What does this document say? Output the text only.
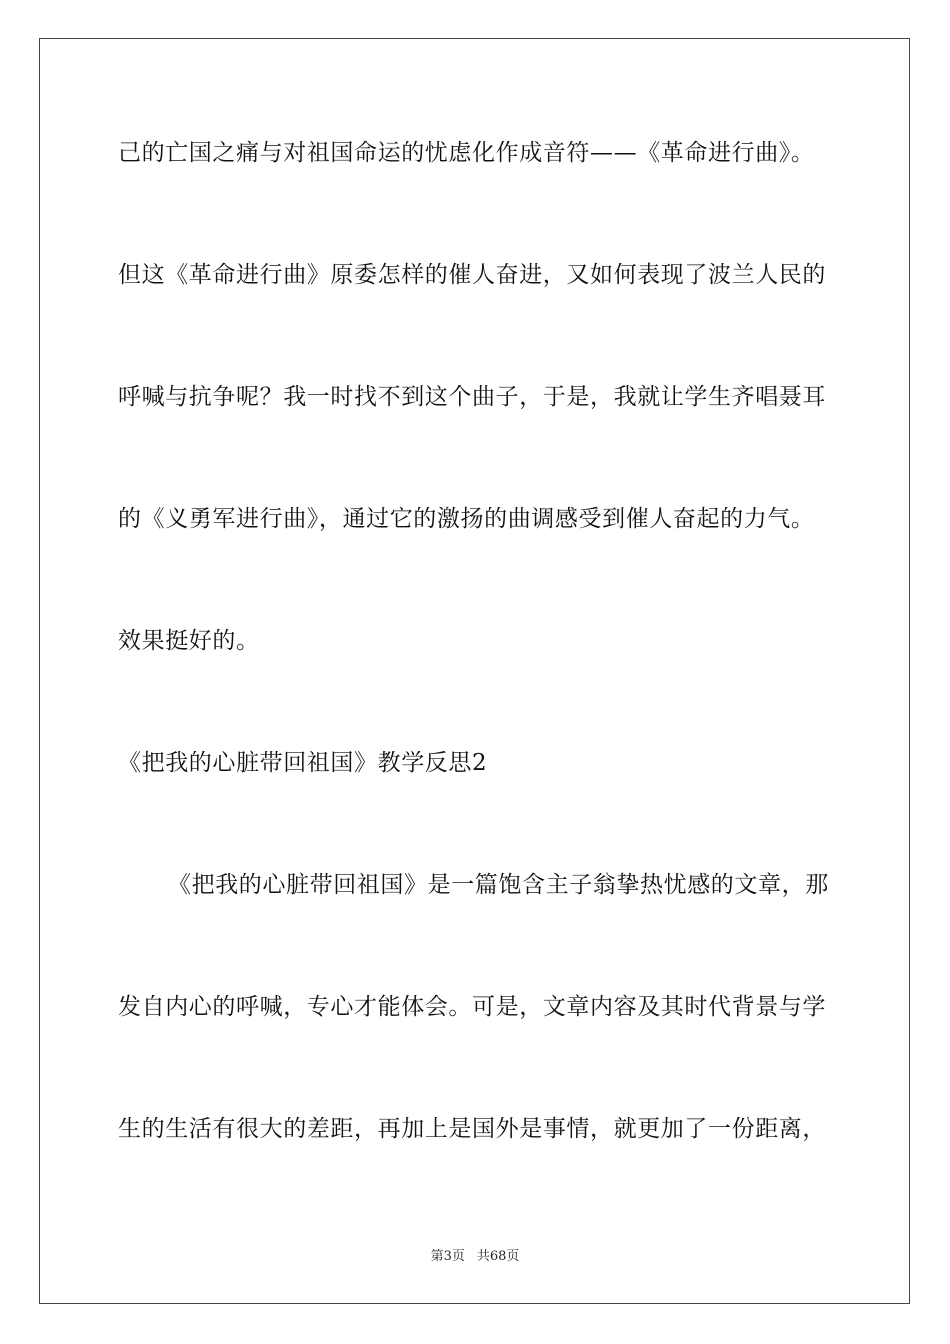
己的亡国之痛与对祖国命运的忧虑化作成音符——《革命进行曲》。
但这《革命进行曲》原委怎样的催人奋进，又如何表现了波兰人民的
呼喊与抗争呢？我一时找不到这个曲子，于是，我就让学生齐唱聂耳
的《义勇军进行曲》，通过它的激扬的曲调感受到催人奋起的力气。
效果挺好的。
《把我的心脏带回祖国》教学反思2
《把我的心脏带回祖国》是一篇饱含主子翁挚热忧感的文章，那
发自内心的呼喊，专心才能体会。可是，文章内容及其时代背景与学
生的生活有很大的差距，再加上是国外是事情，就更加了一份距离，
第3页 共68页
